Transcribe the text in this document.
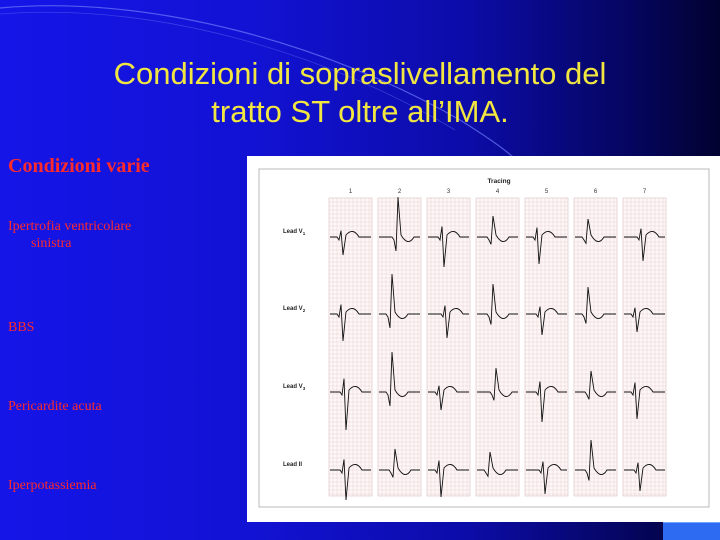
Condizioni di sopraslivellamento del
tratto ST oltre all’IMA.
Condizioni varie
Ipertrofia ventricolare
sinistra
BBS
Pericardite acuta
Iperpotassiemia
Tracing
1	2	3	4	5	6	7
Lead $V_1$
Lead $V_2$
Lead $V_3$
Lead II
